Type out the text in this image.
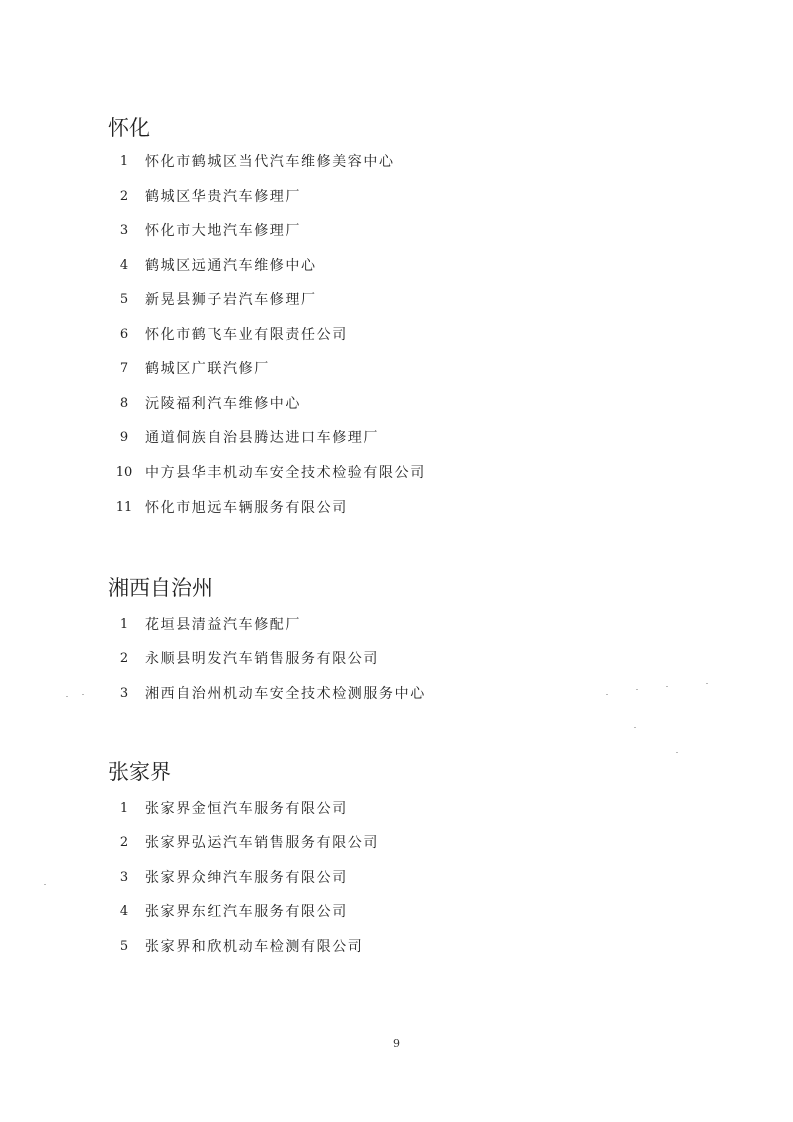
怀化
1	怀化市鹤城区当代汽车维修美容中心
2	鹤城区华贵汽车修理厂
3	怀化市大地汽车修理厂
4	鹤城区远通汽车维修中心
5	新晃县狮子岩汽车修理厂
6	怀化市鹤飞车业有限责任公司
7	鹤城区广联汽修厂
8	沅陵福利汽车维修中心
9	通道侗族自治县腾达进口车修理厂
10 中方县华丰机动车安全技术检验有限公司
11 怀化市旭远车辆服务有限公司
湘西自治州
1	花垣县清益汽车修配厂
2	永顺县明发汽车销售服务有限公司
3	湘西自治州机动车安全技术检测服务中心
张家界
1	张家界金恒汽车服务有限公司
2	张家界弘运汽车销售服务有限公司
3	张家界众绅汽车服务有限公司
4	张家界东红汽车服务有限公司
5	张家界和欣机动车检测有限公司
9
